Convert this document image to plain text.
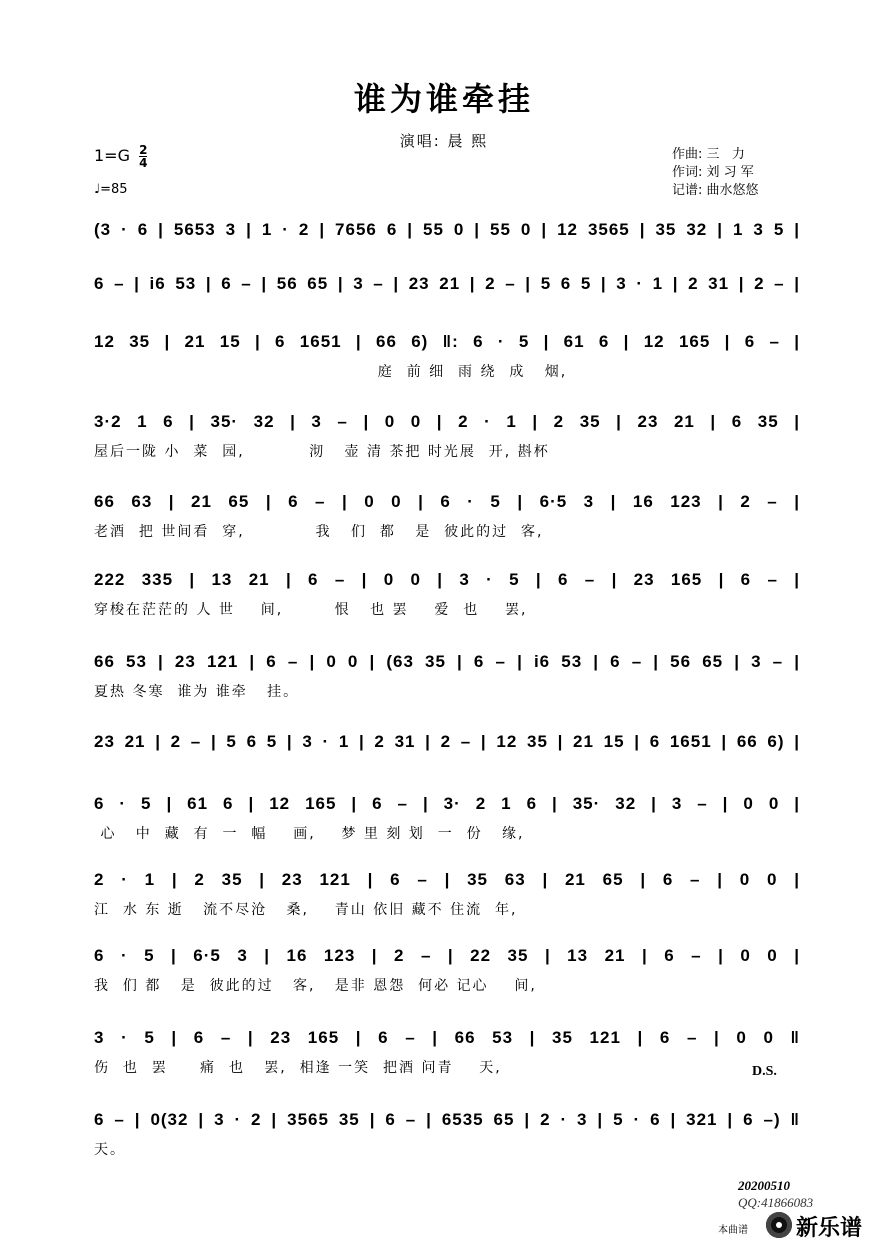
谁为谁牵挂
演唱: 晨 熙
$1=G \frac{2}{4}$
♩=85
作曲: 三   力
作词: 刘 习 军
记谱: 曲水悠悠
(3 · 6 | 5653 3 | 1 · 2 | 7656 6 | 55 0 | 55 0 | 12 3565 | 35 32 | 1 3 5 |
6 – | i6 53 | 6 – | 56 65 | 3 – | 23 21 | 2 – | 5 6 5 | 3 · 1 | 2 31 | 2 – |
12 35 | 21 15 | 6 1651 | 66 6) ‖: 6 · 5 | 61 6 | 12 165 | 6 – |
庭  前 细  雨 绕  成   烟,
3·2 1 6 | 35· 32 | 3 – | 0 0 | 2 · 1 | 2 35 | 23 21 | 6 35 |
屋后一陇 小  菜  园,          沏   壶 清 茶把 时光展  开, 斟杯
66 63 | 21 65 | 6 – | 0 0 | 6 · 5 | 6·5 3 | 16 123 | 2 – |
老酒  把 世间看  穿,           我   们  都   是  彼此的过  客,
222 335 | 13 21 | 6 – | 0 0 | 3 · 5 | 6 – | 23 165 | 6 – |
穿梭在茫茫的 人 世    间,        恨   也 罢    爱  也    罢,
66 53 | 23 121 | 6 – | 0 0 | (63 35 | 6 – | i6 53 | 6 – | 56 65 | 3 – |
夏热 冬寒  谁为 谁牵   挂。
23 21 | 2 – | 5 6 5 | 3 · 1 | 2 31 | 2 – | 12 35 | 21 15 | 6 1651 | 66 6) |
6 · 5 | 61 6 | 12 165 | 6 – | 3· 2 1 6 | 35· 32 | 3 – | 0 0 |
心   中  藏  有  一  幅    画,    梦 里 刻 划  一  份   缘,
2 · 1 | 2 35 | 23 121 | 6 – | 35 63 | 21 65 | 6 – | 0 0 |
江  水 东 逝   流不尽沧   桑,    青山 依旧 藏不 住流  年,
6 · 5 | 6·5 3 | 16 123 | 2 – | 22 35 | 13 21 | 6 – | 0 0 |
我  们 都   是  彼此的过   客,   是非 恩怨  何必 记心    间,
3 · 5 | 6 – | 23 165 | 6 – | 66 53 | 35 121 | 6 – | 0 0 ‖
伤  也  罢     痛  也   罢,  相逢 一笑  把酒 问青    天,
6 – | 0(32 | 3 · 2 | 3565 35 | 6 – | 6535 65 | 2 · 3 | 5 · 6 | 321 | 6 –) ‖
天。
D.S.
20200510
QQ:41866083
本曲谱 新乐谱
